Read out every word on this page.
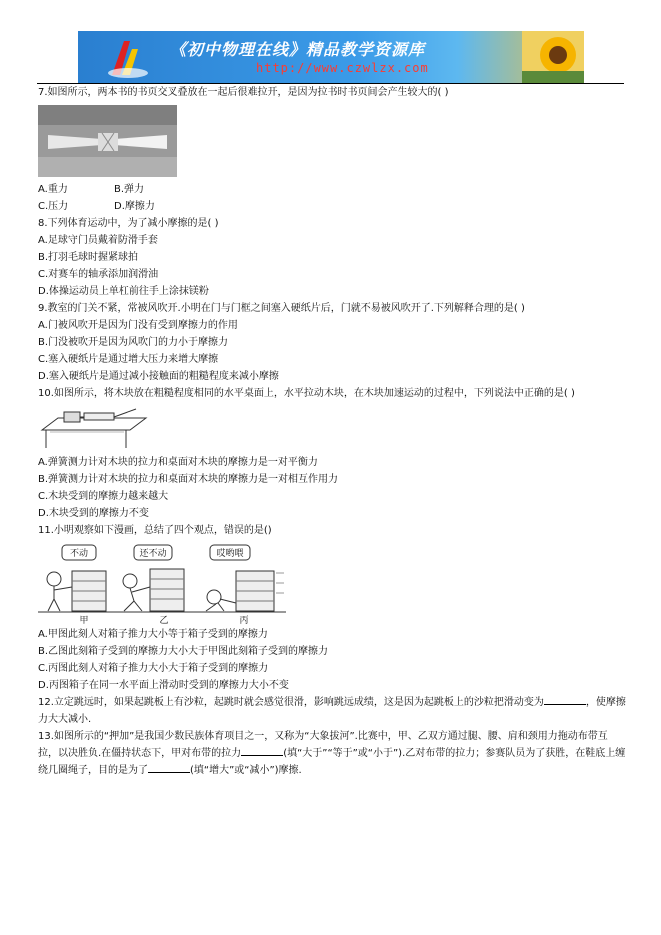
《初中物理在线》精品教学资源库
http://www.czwlzx.com
7.如图所示，两本书的书页交叉叠放在一起后很难拉开，是因为拉书时书页间会产生较大的( )
A.重力	B.弹力
C.压力	D.摩擦力
8.下列体育运动中，为了减小摩擦的是( )
A.足球守门员戴着防滑手套
B.打羽毛球时握紧球拍
C.对赛车的轴承添加润滑油
D.体操运动员上单杠前往手上涂抹镁粉
9.教室的门关不紧，常被风吹开.小明在门与门框之间塞入硬纸片后，门就不易被风吹开了.下列解释合理的是( )
A.门被风吹开是因为门没有受到摩擦力的作用
B.门没被吹开是因为风吹门的力小于摩擦力
C.塞入硬纸片是通过增大压力来增大摩擦
D.塞入硬纸片是通过减小接触面的粗糙程度来减小摩擦
10.如图所示，将木块放在粗糙程度相同的水平桌面上，水平拉动木块，在木块加速运动的过程中，下列说法中正确的是( )
A.弹簧测力计对木块的拉力和桌面对木块的摩擦力是一对平衡力
B.弹簧测力计对木块的拉力和桌面对木块的摩擦力是一对相互作用力
C.木块受到的摩擦力越来越大
D.木块受到的摩擦力不变
11.小明观察如下漫画，总结了四个观点，错误的是()
不动	还不动	哎哟喂
甲	乙	丙
A.甲图此刻人对箱子推力大小等于箱子受到的摩擦力
B.乙图此刻箱子受到的摩擦力大小大于甲图此刻箱子受到的摩擦力
C.丙图此刻人对箱子推力大小大于箱子受到的摩擦力
D.丙图箱子在同一水平面上滑动时受到的摩擦力大小不变
12.立定跳远时，如果起跳板上有沙粒，起跳时就会感觉很滑，影响跳远成绩，这是因为起跳板上的沙粒把滑动变为	，使摩擦力大大减小.
13.如图所示的“押加”是我国少数民族体育项目之一，又称为“大象拔河”.比赛中，甲、乙双方通过腿、腰、肩和颈用力拖动布带互拉，以决胜负.在僵持状态下，甲对布带的拉力	(填“大于”“等于”或“小于”).乙对布带的拉力；参赛队员为了获胜，在鞋底上缠绕几圈绳子，目的是为了	(填“增大”或“减小”)摩擦.
